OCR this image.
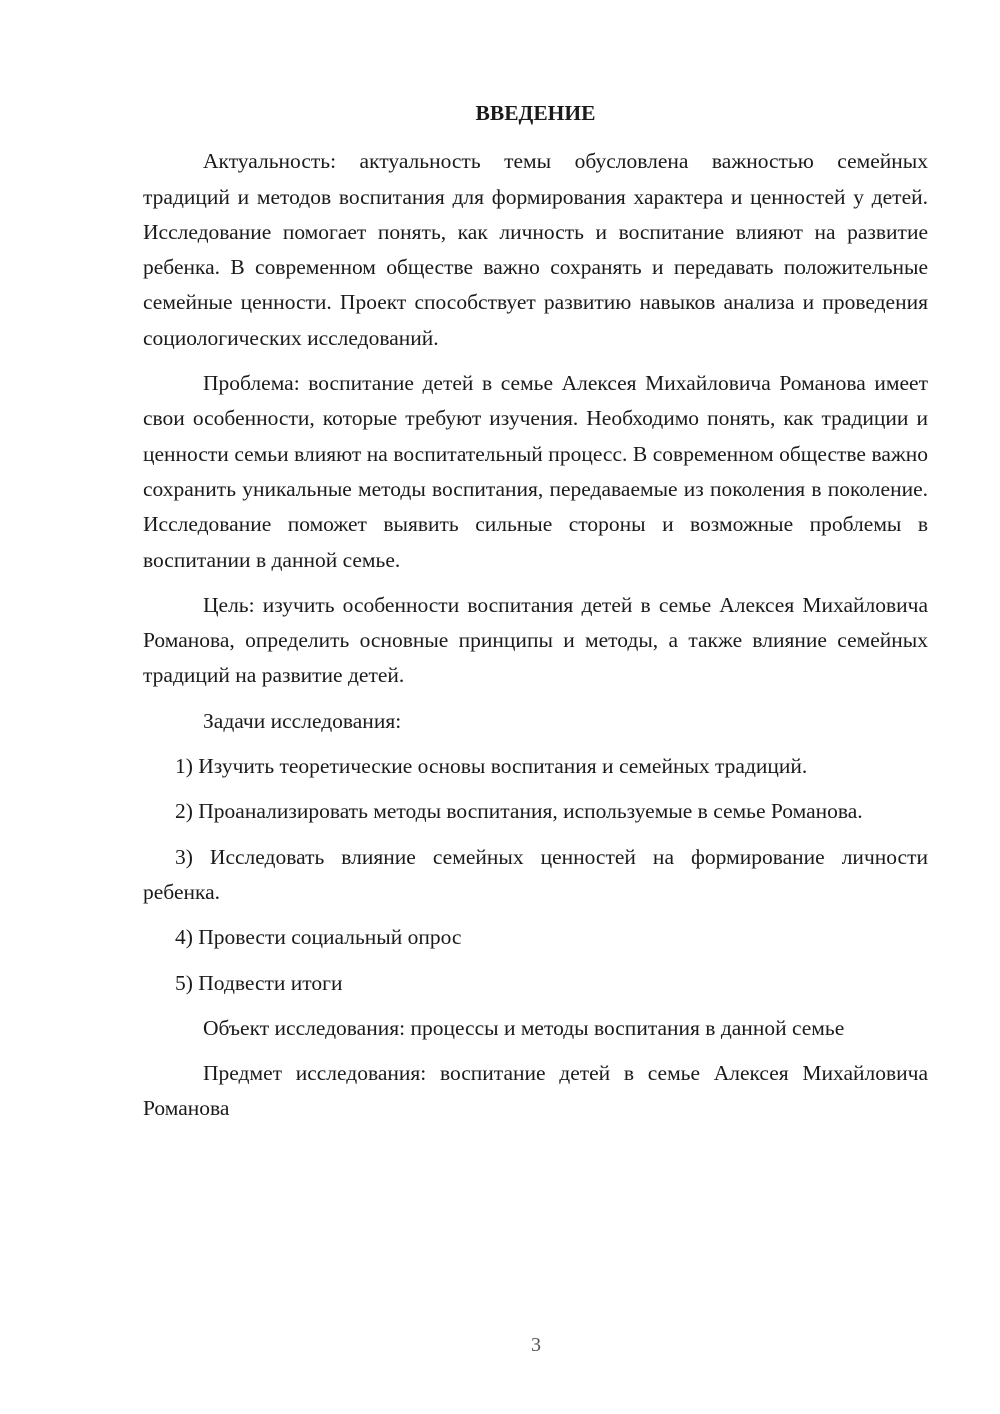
ВВЕДЕНИЕ

Актуальность: актуальность темы обусловлена важностью семейных традиций и методов воспитания для формирования характера и ценностей у детей. Исследование помогает понять, как личность и воспитание влияют на развитие ребенка. В современном обществе важно сохранять и передавать положительные семейные ценности. Проект способствует развитию навыков анализа и проведения социологических исследований.

Проблема: воспитание детей в семье Алексея Михайловича Романова имеет свои особенности, которые требуют изучения. Необходимо понять, как традиции и ценности семьи влияют на воспитательный процесс. В современном обществе важно сохранить уникальные методы воспитания, передаваемые из поколения в поколение. Исследование поможет выявить сильные стороны и возможные проблемы в воспитании в данной семье.

Цель: изучить особенности воспитания детей в семье Алексея Михайловича Романова, определить основные принципы и методы, а также влияние семейных традиций на развитие детей.

Задачи исследования:

1) Изучить теоретические основы воспитания и семейных традиций.

2) Проанализировать методы воспитания, используемые в семье Романова.

3) Исследовать влияние семейных ценностей на формирование личности ребенка.

4) Провести социальный опрос

5) Подвести итоги

Объект исследования: процессы и методы воспитания в данной семье

Предмет исследования: воспитание детей в семье Алексея Михайловича Романова

3
